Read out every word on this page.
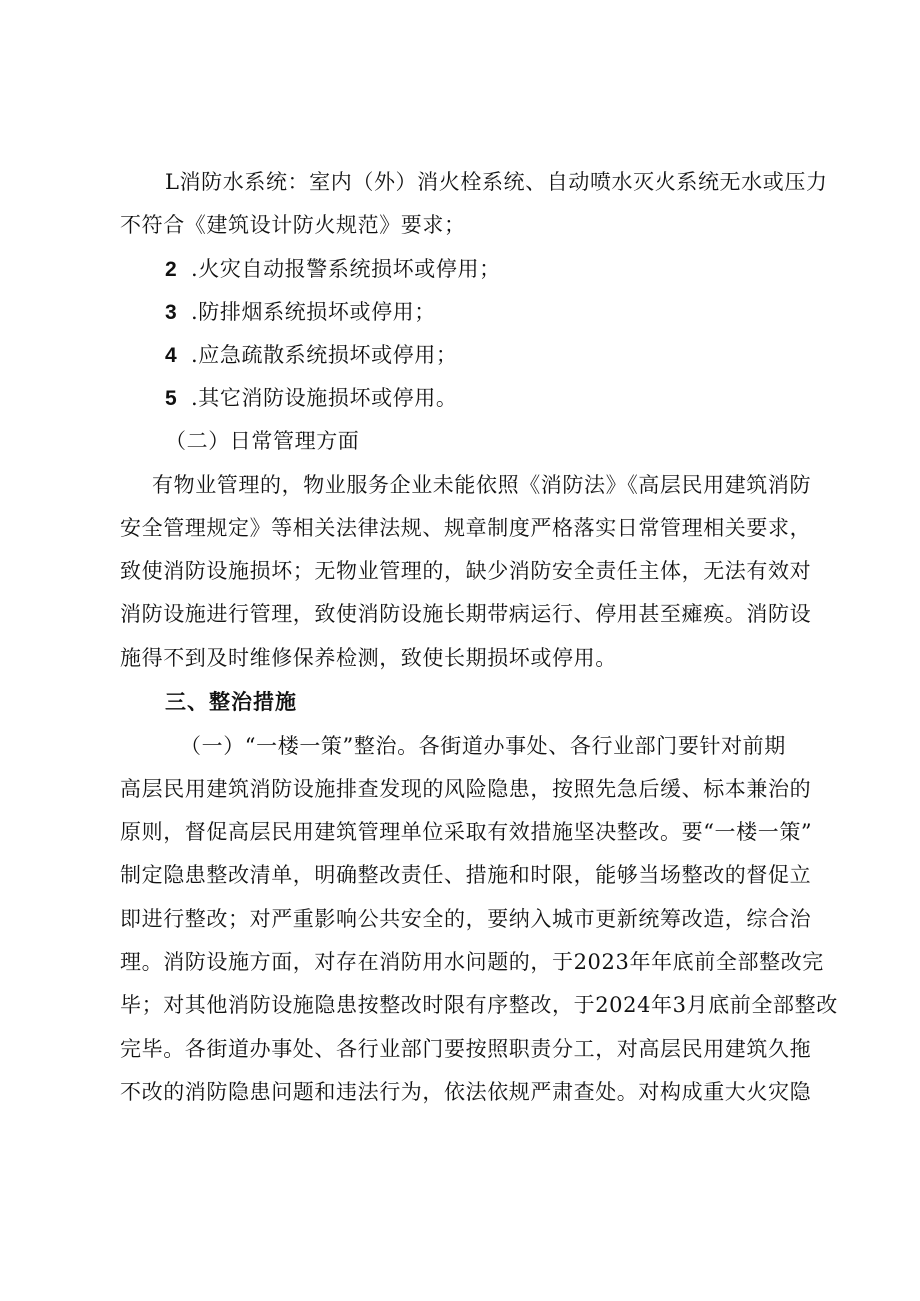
L消防水系统：室内（外）消火栓系统、自动喷水灭火系统无水或压力
不符合《建筑设计防火规范》要求；
2 .火灾自动报警系统损坏或停用；
3 .防排烟系统损坏或停用；
4 .应急疏散系统损坏或停用；
5 .其它消防设施损坏或停用。
（二）日常管理方面
有物业管理的，物业服务企业未能依照《消防法》《高层民用建筑消防
安全管理规定》等相关法律法规、规章制度严格落实日常管理相关要求，
致使消防设施损坏；无物业管理的，缺少消防安全责任主体，无法有效对
消防设施进行管理，致使消防设施长期带病运行、停用甚至瘫痪。消防设
施得不到及时维修保养检测，致使长期损坏或停用。
三、整治措施
（一）“一楼一策”整治。各街道办事处、各行业部门要针对前期
高层民用建筑消防设施排查发现的风险隐患，按照先急后缓、标本兼治的
原则，督促高层民用建筑管理单位采取有效措施坚决整改。要“一楼一策”
制定隐患整改清单，明确整改责任、措施和时限，能够当场整改的督促立
即进行整改；对严重影响公共安全的，要纳入城市更新统筹改造，综合治
理。消防设施方面，对存在消防用水问题的，于2023年年底前全部整改完
毕；对其他消防设施隐患按整改时限有序整改，于2024年3月底前全部整改
完毕。各街道办事处、各行业部门要按照职责分工，对高层民用建筑久拖
不改的消防隐患问题和违法行为，依法依规严肃查处。对构成重大火灾隐
